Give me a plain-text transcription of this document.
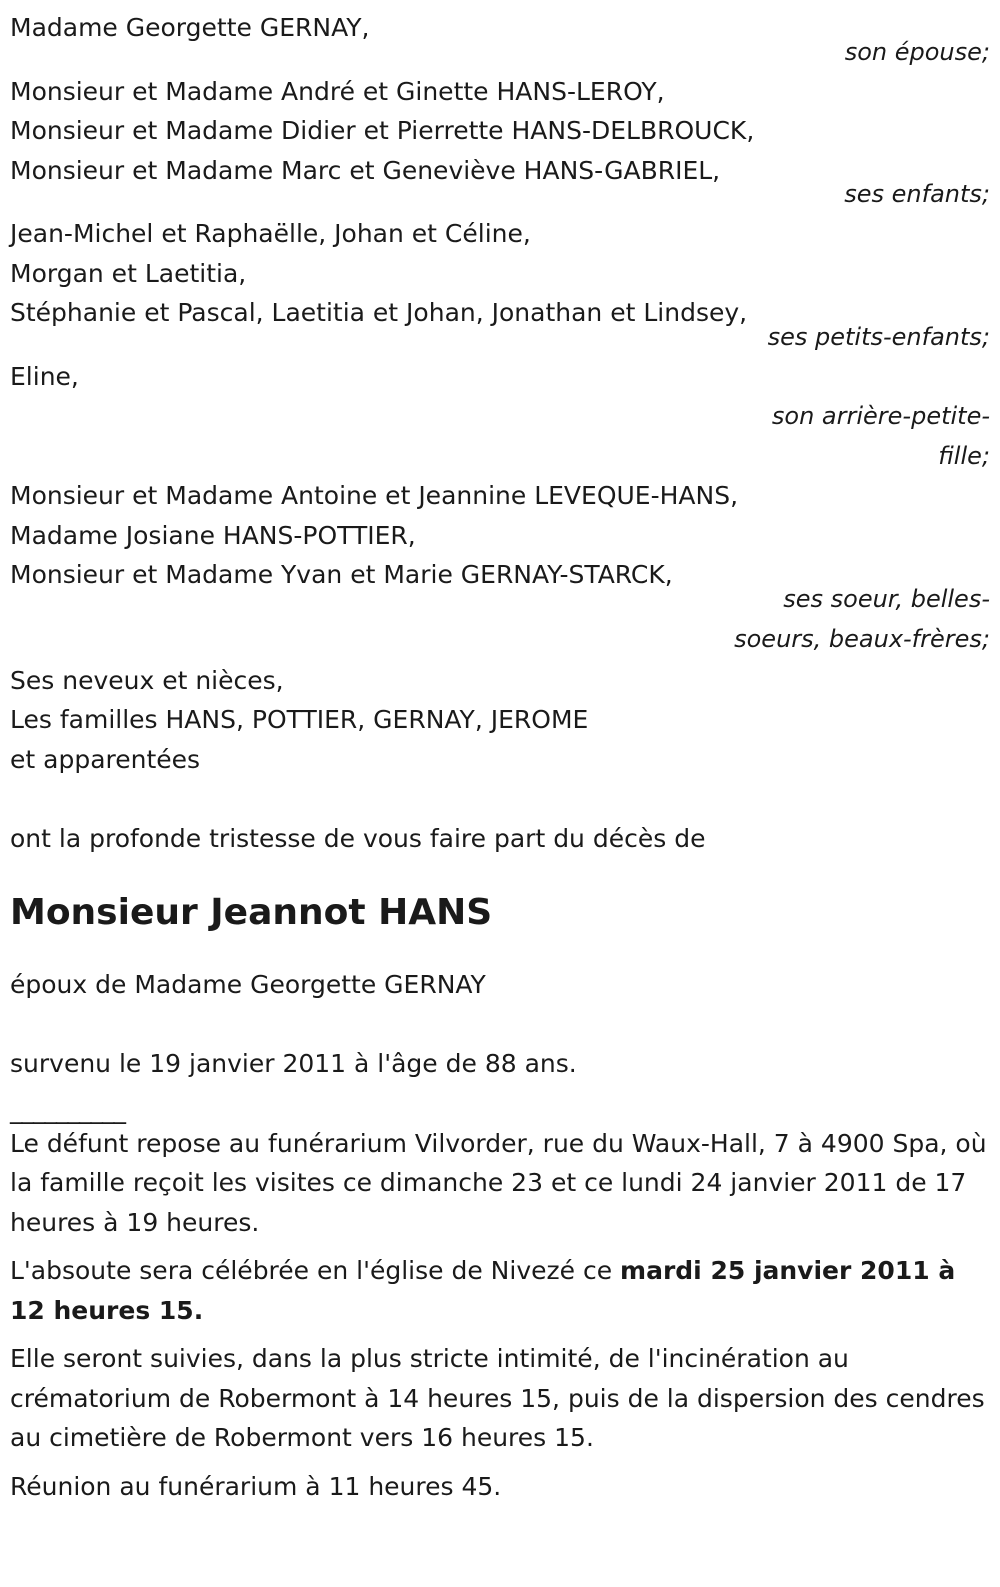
Madame Georgette GERNAY,
son épouse;
Monsieur et Madame André et Ginette HANS-LEROY,
Monsieur et Madame Didier et Pierrette HANS-DELBROUCK,
Monsieur et Madame Marc et Geneviève HANS-GABRIEL,
ses enfants;
Jean-Michel et Raphaëlle, Johan et Céline,
Morgan et Laetitia,
Stéphanie et Pascal, Laetitia et Johan, Jonathan et Lindsey,
ses petits-enfants;
Eline,
son arrière-petite-fille;
Monsieur et Madame Antoine et Jeannine LEVEQUE-HANS,
Madame Josiane HANS-POTTIER,
Monsieur et Madame Yvan et Marie GERNAY-STARCK,
ses soeur, belles-soeurs, beaux-frères;
Ses neveux et nièces,
Les familles HANS, POTTIER, GERNAY, JEROME
et apparentées
ont la profonde tristesse de vous faire part du décès de
Monsieur Jeannot HANS
époux de Madame Georgette GERNAY
survenu le 19 janvier 2011 à l'âge de 88 ans.
__________

Le défunt repose au funérarium Vilvorder, rue du Waux-Hall, 7 à 4900 Spa, où la famille reçoit les visites ce dimanche 23 et ce lundi 24 janvier 2011 de 17 heures à 19 heures.

L'absoute sera célébrée en l'église de Nivezé ce mardi 25 janvier 2011 à 12 heures 15.

Elle seront suivies, dans la plus stricte intimité, de l'incinération au crématorium de Robermont à 14 heures 15, puis de la dispersion des cendres au cimetière de Robermont vers 16 heures 15.

Réunion au funérarium à 11 heures 45.
